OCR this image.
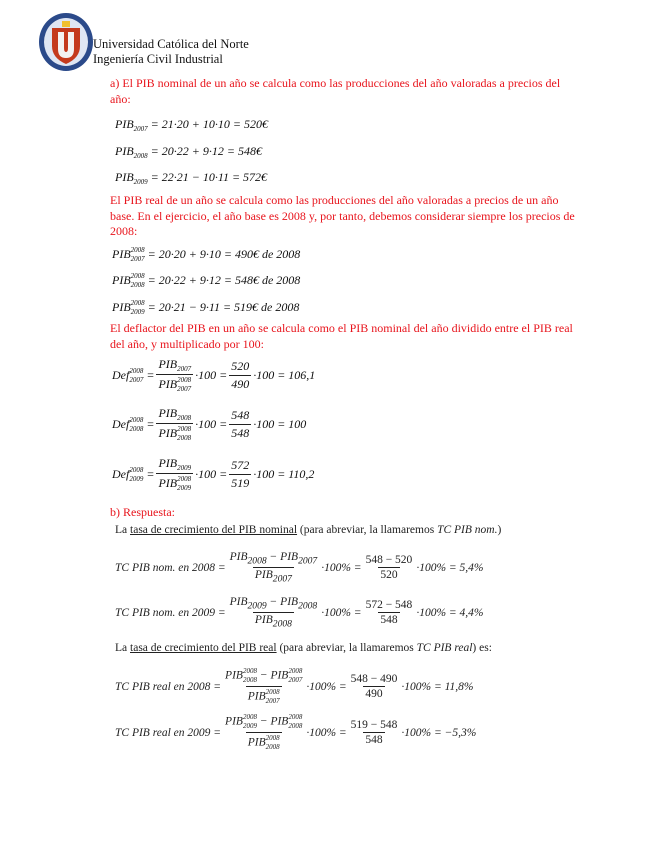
Universidad Católica del Norte
Ingeniería Civil Industrial
a) El PIB nominal de un año se calcula como las producciones del año valoradas a precios del año:
$PIB_{2007} = 21\cdot 20 + 10\cdot 10$ = 520€
$PIB_{2008} = 20\cdot 22 + 9\cdot 12$ = 548€
$PIB_{2009} = 22\cdot 21 - 10\cdot 11$ = 572€
El PIB real de un año se calcula como las producciones del año valoradas a precios de un año base. En el ejercicio, el año base es 2008 y, por tanto, debemos considerar siempre los precios de 2008:
PIB 2008
2007 = 20·20 + 9·10 = 490€ de 2008
PIB 2008
2008 = 20·22 + 9·12 = 548€ de 2008
PIB 2008
2009 = 20·21 − 9·11 = 519€ de 2008
El deflactor del PIB en un año se calcula como el PIB nominal del año dividido entre el PIB real del año, y multiplicado por 100:
Def 2008
$2007 = PIB_{2007}$
PIB 2008
$2007 \cdot 100 = \frac{520}{490} \cdot 100 = 106,1$
Def 2008
$2008 = PIB_{2008}$
PIB 2008
$2008 \cdot 100 = \frac{548}{548} \cdot 100 = 100$
Def 2008
$2009 = PIB_{2009}$
PIB 2008
$2009 \cdot 100 = \frac{572}{519} \cdot 100 = 110,2$
b) Respuesta:
La tasa de crecimiento del PIB nominal (para abreviar, la llamaremos TC PIB nom.)
TC PIB nom. en $2008 = \frac{PIB_{2008} - PIB_{2007}}{PIB_{2007}} \cdot 100\% = \frac{548 - 520}{520} \cdot 100\% = 5,4\%$
TC PIB nom. en $2009 = \frac{PIB_{2009} - PIB_{2008}}{PIB_{2008}} \cdot 100\% = \frac{572 - 548}{548} \cdot 100\% = 4,4\%$
La tasa de crecimiento del PIB real (para abreviar, la llamaremos TC PIB real) es:
TC PIB real en 2008 = PIB 2008
2008 − PIB 2008
2007
PIB 2008
$2007 \cdot 100\% = \frac{548 - 490}{490} \cdot 100\% = 11,8\%$
TC PIB real en 2009 = PIB 2008
2009 − PIB 2008
2008
PIB 2008
$2008 \cdot 100\% = \frac{519 - 548}{548} \cdot 100\% = -5,3\%$
